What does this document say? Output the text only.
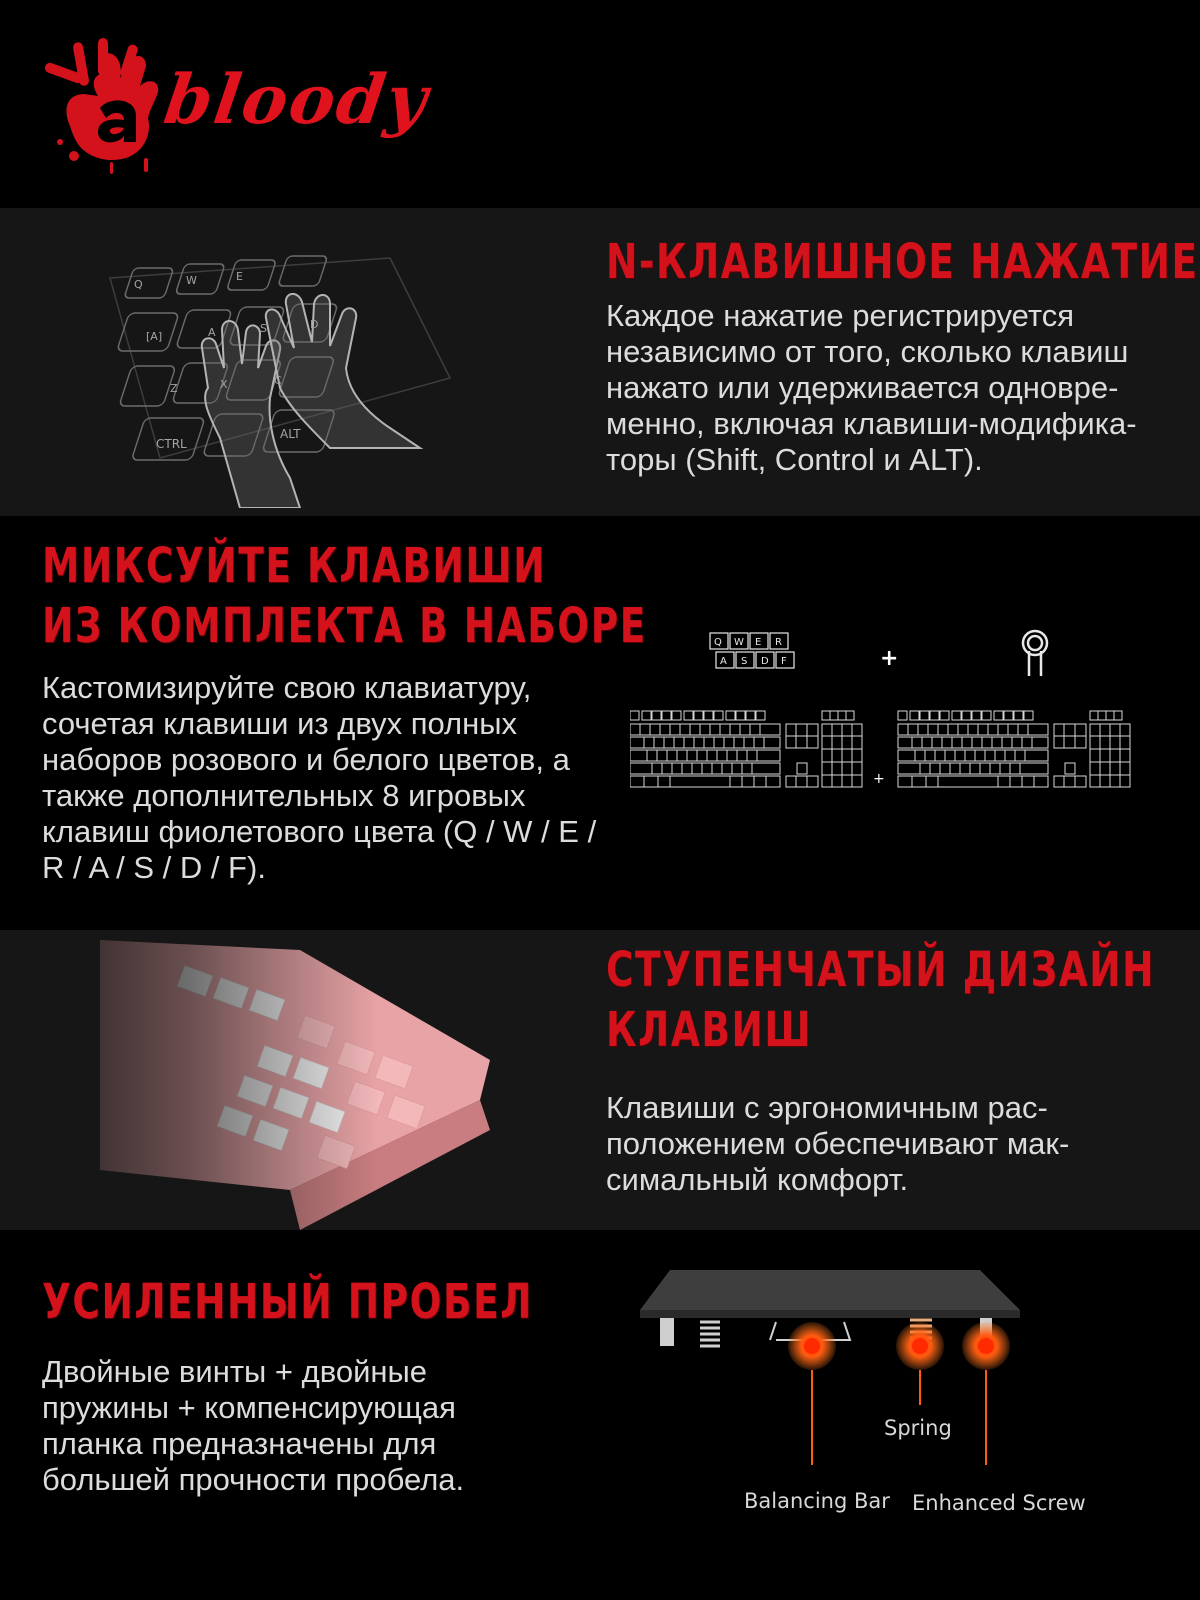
bloody
Q	W	E
[A]	A	S	D
Z	X	C
CTRL
ALT
N-КЛАВИШНОЕ НАЖАТИЕ
Каждое нажатие регистрируется независимо от того, сколько клавиш нажато или удерживается одновре-менно, включая клавиши-модифика-торы (Shift, Control и ALT).
МИКСУЙТЕ КЛАВИШИ
ИЗ КОМПЛЕКТА В НАБОРЕ
Кастомизируйте свою клавиатуру, сочетая клавиши из двух полных наборов розового и белого цветов, а также дополнительных 8 игровых клавиш фиолетового цвета (Q / W / E / R / A / S / D / F).
Q W E R
A S D F	+
+
СТУПЕНЧАТЫЙ ДИЗАЙН
КЛАВИШ
Клавиши с эргономичным рас-положением обеспечивают мак-симальный комфорт.
УСИЛЕННЫЙ ПРОБЕЛ
Двойные винты + двойные пружины + компенсирующая планка предназначены для большей прочности пробела.
Spring
Balancing Bar Enhanced Screw
